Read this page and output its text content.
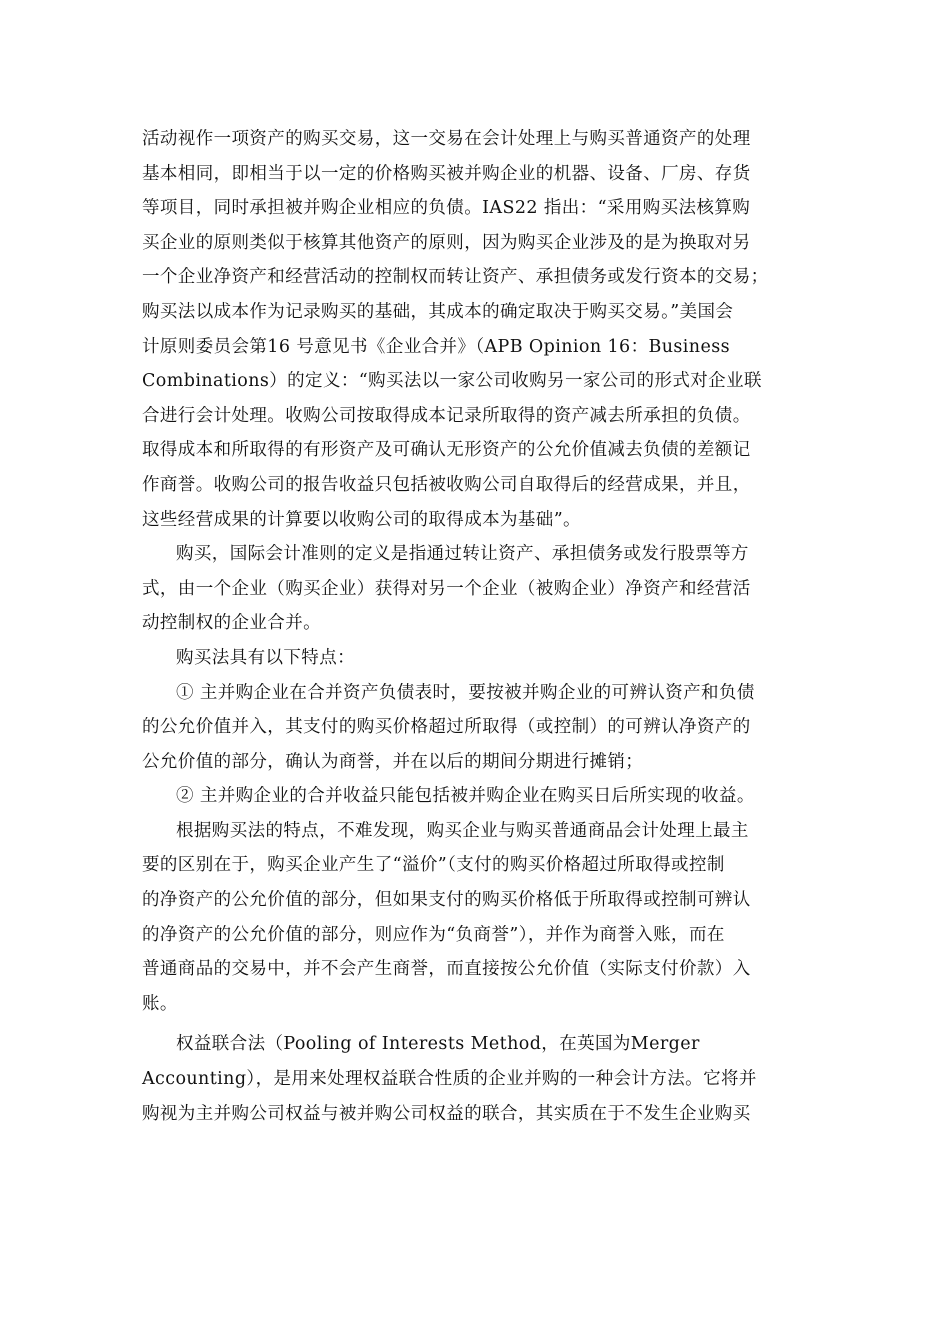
活动视作一项资产的购买交易，这一交易在会计处理上与购买普通资产的处理
基本相同，即相当于以一定的价格购买被并购企业的机器、设备、厂房、存货
等项目，同时承担被并购企业相应的负债。IAS22 指出：“采用购买法核算购
买企业的原则类似于核算其他资产的原则，因为购买企业涉及的是为换取对另
一个企业净资产和经营活动的控制权而转让资产、承担债务或发行资本的交易；
购买法以成本作为记录购买的基础，其成本的确定取决于购买交易。”美国会
计原则委员会第16 号意见书《企业合并》（APB Opinion 16：Business
Combinations）的定义：“购买法以一家公司收购另一家公司的形式对企业联
合进行会计处理。收购公司按取得成本记录所取得的资产减去所承担的负债。
取得成本和所取得的有形资产及可确认无形资产的公允价值减去负债的差额记
作商誉。收购公司的报告收益只包括被收购公司自取得后的经营成果，并且，
这些经营成果的计算要以收购公司的取得成本为基础”。
购买，国际会计准则的定义是指通过转让资产、承担债务或发行股票等方
式，由一个企业（购买企业）获得对另一个企业（被购企业）净资产和经营活
动控制权的企业合并。
购买法具有以下特点：
① 主并购企业在合并资产负债表时，要按被并购企业的可辨认资产和负债
的公允价值并入，其支付的购买价格超过所取得（或控制）的可辨认净资产的
公允价值的部分，确认为商誉，并在以后的期间分期进行摊销；
② 主并购企业的合并收益只能包括被并购企业在购买日后所实现的收益。
根据购买法的特点，不难发现，购买企业与购买普通商品会计处理上最主
要的区别在于，购买企业产生了“溢价”（支付的购买价格超过所取得或控制
的净资产的公允价值的部分，但如果支付的购买价格低于所取得或控制可辨认
的净资产的公允价值的部分，则应作为“负商誉”），并作为商誉入账，而在
普通商品的交易中，并不会产生商誉，而直接按公允价值（实际支付价款）入
账。
权益联合法（Pooling of Interests Method，在英国为Merger
Accounting），是用来处理权益联合性质的企业并购的一种会计方法。它将并
购视为主并购公司权益与被并购公司权益的联合，其实质在于不发生企业购买
